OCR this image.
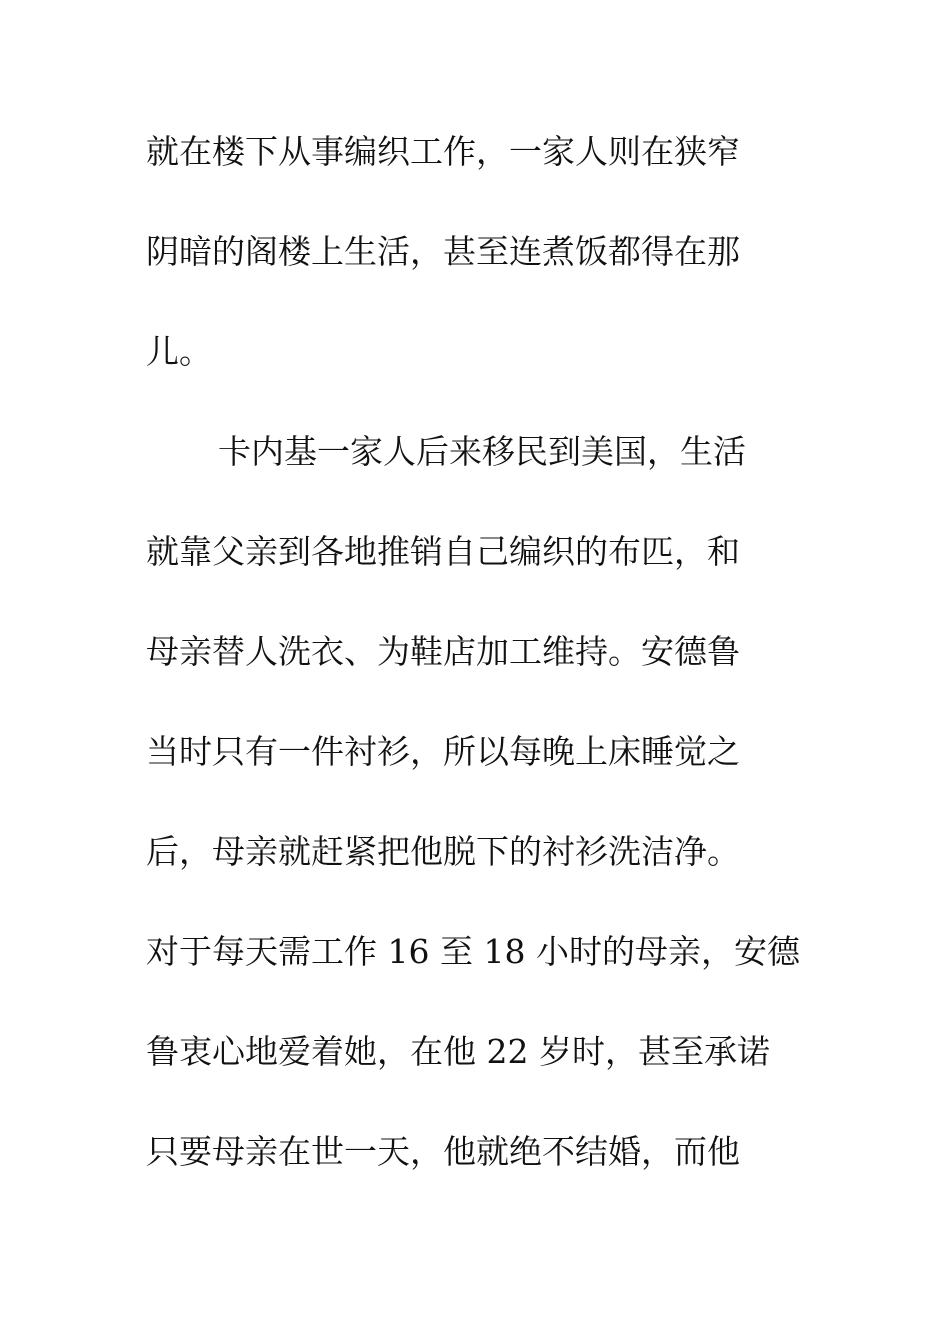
就在楼下从事编织工作，一家人则在狭窄
阴暗的阁楼上生活，甚至连煮饭都得在那
儿。
卡内基一家人后来移民到美国，生活
就靠父亲到各地推销自己编织的布匹，和
母亲替人洗衣、为鞋店加工维持。安德鲁
当时只有一件衬衫，所以每晚上床睡觉之
后，母亲就赶紧把他脱下的衬衫洗洁净。
对于每天需工作 16 至 18 小时的母亲，安德
鲁衷心地爱着她，在他 22 岁时，甚至承诺
只要母亲在世一天，他就绝不结婚，而他
